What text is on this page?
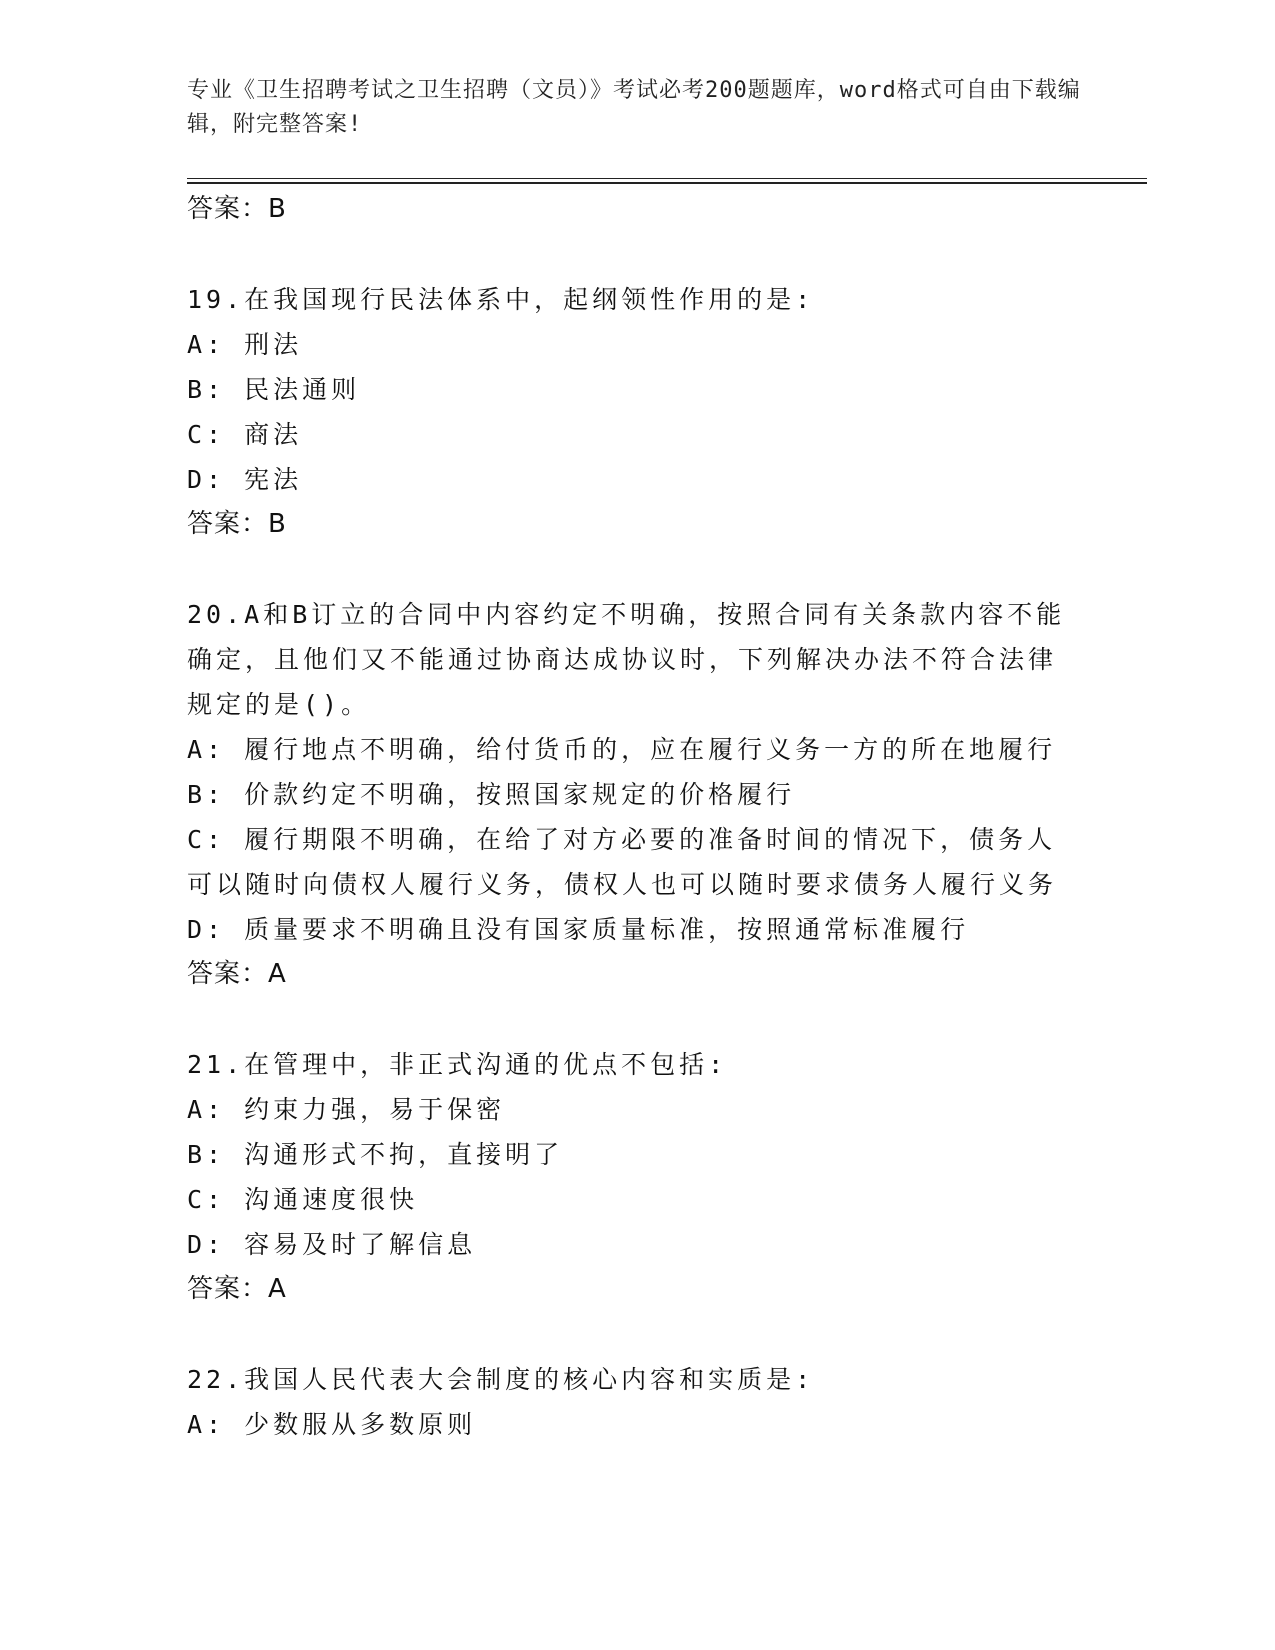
专业《卫生招聘考试之卫生招聘（文员）》考试必考200题题库，word格式可自由下载编辑，附完整答案!
答案：B
19.在我国现行民法体系中，起纲领性作用的是:
A: 刑法
B: 民法通则
C: 商法
D: 宪法
答案：B
20.A和B订立的合同中内容约定不明确，按照合同有关条款内容不能确定，且他们又不能通过协商达成协议时，下列解决办法不符合法律规定的是()。
A: 履行地点不明确，给付货币的，应在履行义务一方的所在地履行
B: 价款约定不明确，按照国家规定的价格履行
C: 履行期限不明确，在给了对方必要的准备时间的情况下，债务人可以随时向债权人履行义务，债权人也可以随时要求债务人履行义务
D: 质量要求不明确且没有国家质量标准，按照通常标准履行
答案：A
21.在管理中，非正式沟通的优点不包括:
A: 约束力强，易于保密
B: 沟通形式不拘，直接明了
C: 沟通速度很快
D: 容易及时了解信息
答案：A
22.我国人民代表大会制度的核心内容和实质是:
A: 少数服从多数原则
